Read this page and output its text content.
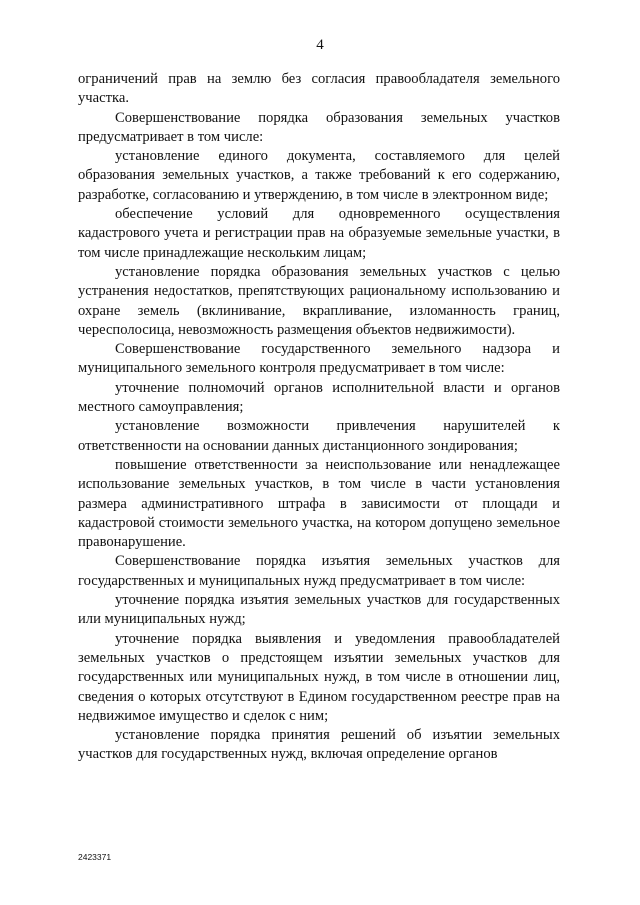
4

ограничений прав на землю без согласия правообладателя земельного участка.

Совершенствование порядка образования земельных участков предусматривает в том числе:

установление единого документа, составляемого для целей образования земельных участков, а также требований к его содержанию, разработке, согласованию и утверждению, в том числе в электронном виде;

обеспечение условий для одновременного осуществления кадастрового учета и регистрации прав на образуемые земельные участки, в том числе принадлежащие нескольким лицам;

установление порядка образования земельных участков с целью устранения недостатков, препятствующих рациональному использованию и охране земель (вклинивание, вкрапливание, изломанность границ, чересполосица, невозможность размещения объектов недвижимости).

Совершенствование государственного земельного надзора и муниципального земельного контроля предусматривает в том числе:

уточнение полномочий органов исполнительной власти и органов местного самоуправления;

установление возможности привлечения нарушителей к ответственности на основании данных дистанционного зондирования;

повышение ответственности за неиспользование или ненадлежащее использование земельных участков, в том числе в части установления размера административного штрафа в зависимости от площади и кадастровой стоимости земельного участка, на котором допущено земельное правонарушение.

Совершенствование порядка изъятия земельных участков для государственных и муниципальных нужд предусматривает в том числе:

уточнение порядка изъятия земельных участков для государственных или муниципальных нужд;

уточнение порядка выявления и уведомления правообладателей земельных участков о предстоящем изъятии земельных участков для государственных или муниципальных нужд, в том числе в отношении лиц, сведения о которых отсутствуют в Едином государственном реестре прав на недвижимое имущество и сделок с ним;

установление порядка принятия решений об изъятии земельных участков для государственных нужд, включая определение органов

2423371
